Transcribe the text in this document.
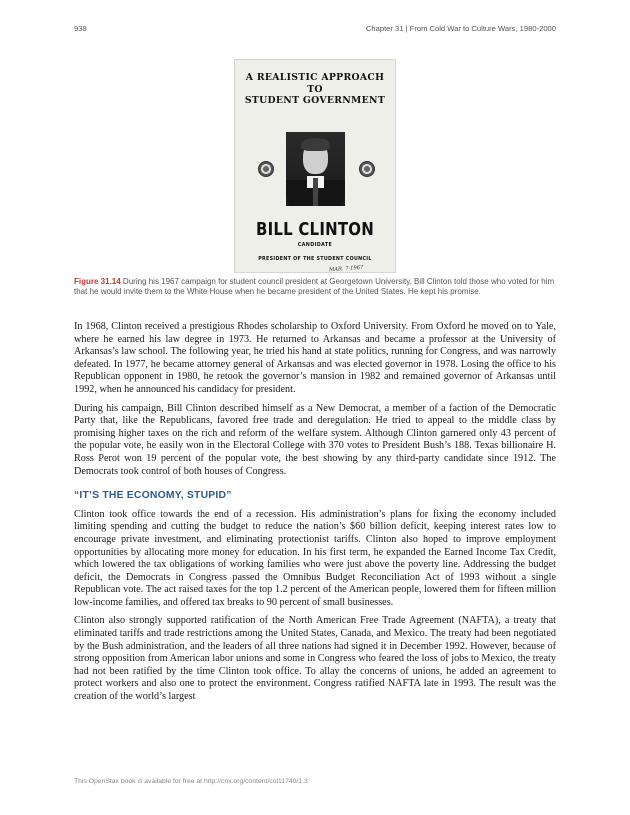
938	Chapter 31 | From Cold War to Culture Wars, 1980-2000
A REALISTIC APPROACH
TO
STUDENT GOVERNMENT
BILL CLINTON
CANDIDATE
PRESIDENT OF THE STUDENT COUNCIL
MAR. 7 1967
Figure 31.14 During his 1967 campaign for student council president at Georgetown University, Bill Clinton told those who voted for him that he would invite them to the White House when he became president of the United States. He kept his promise.

In 1968, Clinton received a prestigious Rhodes scholarship to Oxford University. From Oxford he moved on to Yale, where he earned his law degree in 1973. He returned to Arkansas and became a professor at the University of Arkansas’s law school. The following year, he tried his hand at state politics, running for Congress, and was narrowly defeated. In 1977, he became attorney general of Arkansas and was elected governor in 1978. Losing the office to his Republican opponent in 1980, he retook the governor’s mansion in 1982 and remained governor of Arkansas until 1992, when he announced his candidacy for president.

During his campaign, Bill Clinton described himself as a New Democrat, a member of a faction of the Democratic Party that, like the Republicans, favored free trade and deregulation. He tried to appeal to the middle class by promising higher taxes on the rich and reform of the welfare system. Although Clinton garnered only 43 percent of the popular vote, he easily won in the Electoral College with 370 votes to President Bush’s 188. Texas billionaire H. Ross Perot won 19 percent of the popular vote, the best showing by any third-party candidate since 1912. The Democrats took control of both houses of Congress.

“IT’S THE ECONOMY, STUPID”

Clinton took office towards the end of a recession. His administration’s plans for fixing the economy included limiting spending and cutting the budget to reduce the nation’s $60 billion deficit, keeping interest rates low to encourage private investment, and eliminating protectionist tariffs. Clinton also hoped to improve employment opportunities by allocating more money for education. In his first term, he expanded the Earned Income Tax Credit, which lowered the tax obligations of working families who were just above the poverty line. Addressing the budget deficit, the Democrats in Congress passed the Omnibus Budget Reconciliation Act of 1993 without a single Republican vote. The act raised taxes for the top 1.2 percent of the American people, lowered them for fifteen million low-income families, and offered tax breaks to 90 percent of small businesses.

Clinton also strongly supported ratification of the North American Free Trade Agreement (NAFTA), a treaty that eliminated tariffs and trade restrictions among the United States, Canada, and Mexico. The treaty had been negotiated by the Bush administration, and the leaders of all three nations had signed it in December 1992. However, because of strong opposition from American labor unions and some in Congress who feared the loss of jobs to Mexico, the treaty had not been ratified by the time Clinton took office. To allay the concerns of unions, he added an agreement to protect workers and also one to protect the environment. Congress ratified NAFTA late in 1993. The result was the creation of the world’s largest

This OpenStax book is available for free at http://cnx.org/content/col11740/1.3
